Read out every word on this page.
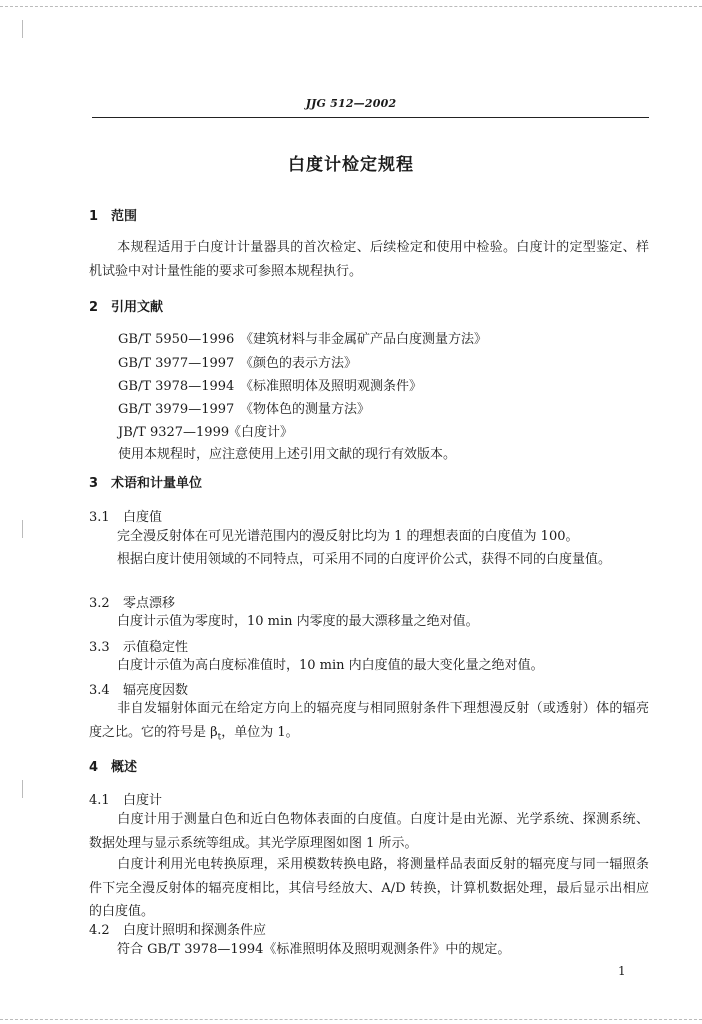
JJG 512—2002
白度计检定规程
1 范围
本规程适用于白度计计量器具的首次检定、后续检定和使用中检验。白度计的定型鉴定、样机试验中对计量性能的要求可参照本规程执行。
2 引用文献
GB/T 5950—1996 《建筑材料与非金属矿产品白度测量方法》
GB/T 3977—1997 《颜色的表示方法》
GB/T 3978—1994 《标准照明体及照明观测条件》
GB/T 3979—1997 《物体色的测量方法》
JB/T 9327—1999《白度计》
使用本规程时，应注意使用上述引用文献的现行有效版本。
3 术语和计量单位
3.1 白度值
完全漫反射体在可见光谱范围内的漫反射比均为 1 的理想表面的白度值为 100。
根据白度计使用领域的不同特点，可采用不同的白度评价公式，获得不同的白度量值。
3.2 零点漂移
白度计示值为零度时，10 min 内零度的最大漂移量之绝对值。
3.3 示值稳定性
白度计示值为高白度标准值时，10 min 内白度值的最大变化量之绝对值。
3.4 辐亮度因数
非自发辐射体面元在给定方向上的辐亮度与相同照射条件下理想漫反射（或透射）体的辐亮度之比。它的符号是 $\beta_t$，单位为 1。
4 概述
4.1 白度计
白度计用于测量白色和近白色物体表面的白度值。白度计是由光源、光学系统、探测系统、数据处理与显示系统等组成。其光学原理图如图 1 所示。
白度计利用光电转换原理，采用模数转换电路，将测量样品表面反射的辐亮度与同一辐照条件下完全漫反射体的辐亮度相比，其信号经放大、A/D 转换，计算机数据处理，最后显示出相应的白度值。
4.2 白度计照明和探测条件应
符合 GB/T 3978—1994《标准照明体及照明观测条件》中的规定。
1
